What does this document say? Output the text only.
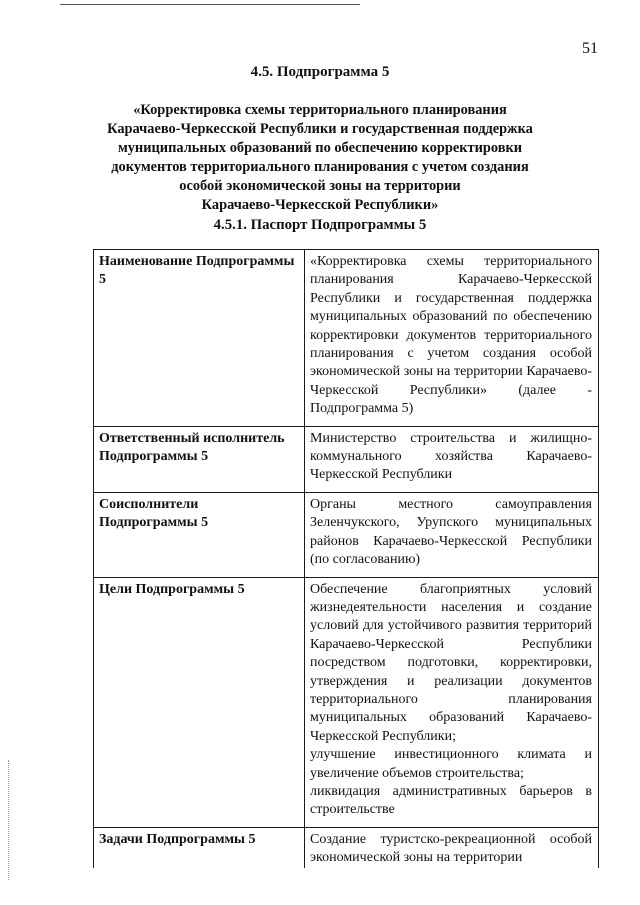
51
4.5. Подпрограмма 5
«Корректировка схемы территориального планирования
Карачаево-Черкесской Республики и государственная поддержка
муниципальных образований по обеспечению корректировки
документов территориального планирования с учетом создания
особой экономической зоны на территории
Карачаево-Черкесской Республики»
4.5.1. Паспорт Подпрограммы 5
Наименование Подпрограммы 5	«Корректировка схемы территориального планирования Карачаево-Черкесской Республики и государственная поддержка муниципальных образований по обеспечению корректировки документов территориального планирования с учетом создания особой экономической зоны на территории Карачаево-Черкесской Республики» (далее - Подпрограмма 5)

Ответственный исполнитель Подпрограммы 5	Министерство строительства и жилищно-коммунального хозяйства Карачаево-Черкесской Республики

Соисполнители Подпрограммы 5	Органы местного самоуправления Зеленчукского, Урупского муниципальных районов Карачаево-Черкесской Республики (по согласованию)

Цели Подпрограммы 5	Обеспечение благоприятных условий жизнедеятельности населения и создание условий для устойчивого развития территорий Карачаево-Черкесской Республики посредством подготовки, корректировки, утверждения и реализации документов территориального планирования муниципальных образований Карачаево-Черкесской Республики;
улучшение инвестиционного климата и увеличение объемов строительства;
ликвидация административных барьеров в строительстве

Задачи Подпрограммы 5	Создание туристско-рекреационной особой экономической зоны на территории
